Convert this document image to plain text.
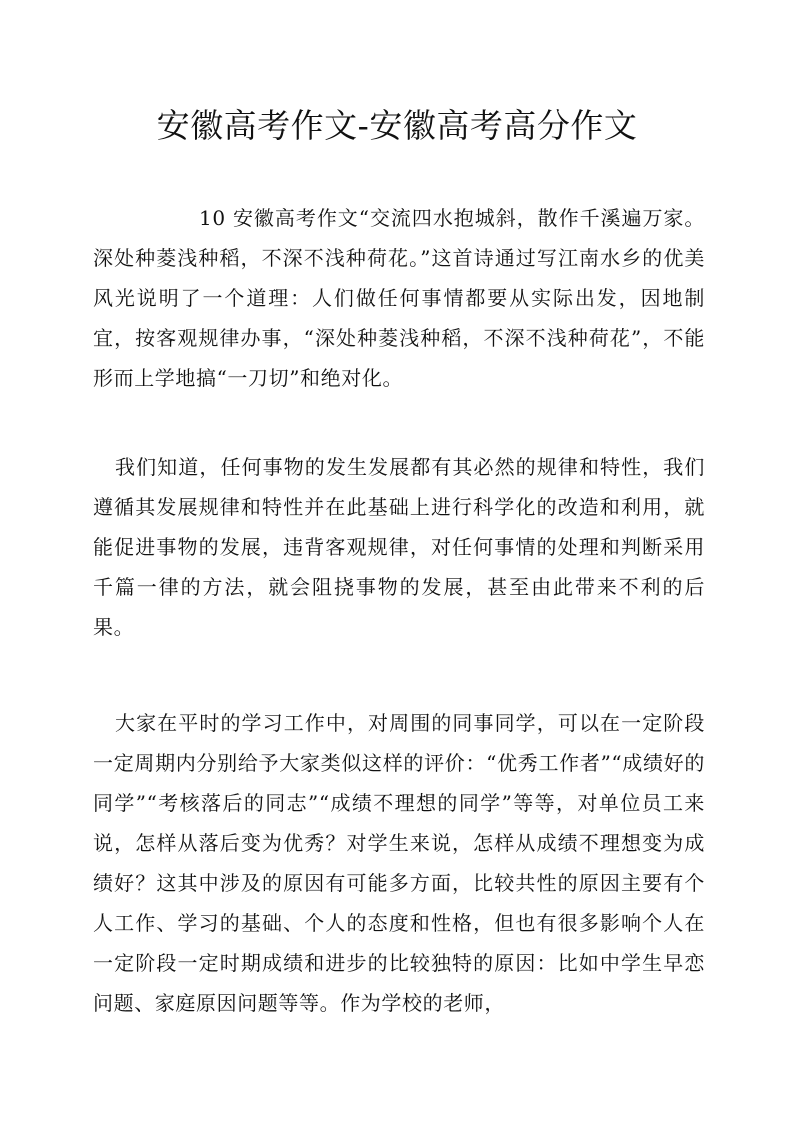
安徽高考作文-安徽高考高分作文

10 安徽高考作文“交流四水抱城斜，散作千溪遍万家。深处种菱浅种稻，不深不浅种荷花。”这首诗通过写江南水乡的优美风光说明了一个道理：人们做任何事情都要从实际出发，因地制宜，按客观规律办事，“深处种菱浅种稻，不深不浅种荷花”，不能形而上学地搞“一刀切”和绝对化。

我们知道，任何事物的发生发展都有其必然的规律和特性，我们遵循其发展规律和特性并在此基础上进行科学化的改造和利用，就能促进事物的发展，违背客观规律，对任何事情的处理和判断采用千篇一律的方法，就会阻挠事物的发展，甚至由此带来不利的后果。

大家在平时的学习工作中，对周围的同事同学，可以在一定阶段一定周期内分别给予大家类似这样的评价：“优秀工作者”“成绩好的同学”“考核落后的同志”“成绩不理想的同学”等等，对单位员工来说，怎样从落后变为优秀？对学生来说，怎样从成绩不理想变为成绩好？这其中涉及的原因有可能多方面，比较共性的原因主要有个人工作、学习的基础、个人的态度和性格，但也有很多影响个人在一定阶段一定时期成绩和进步的比较独特的原因：比如中学生早恋问题、家庭原因问题等等。作为学校的老师，
